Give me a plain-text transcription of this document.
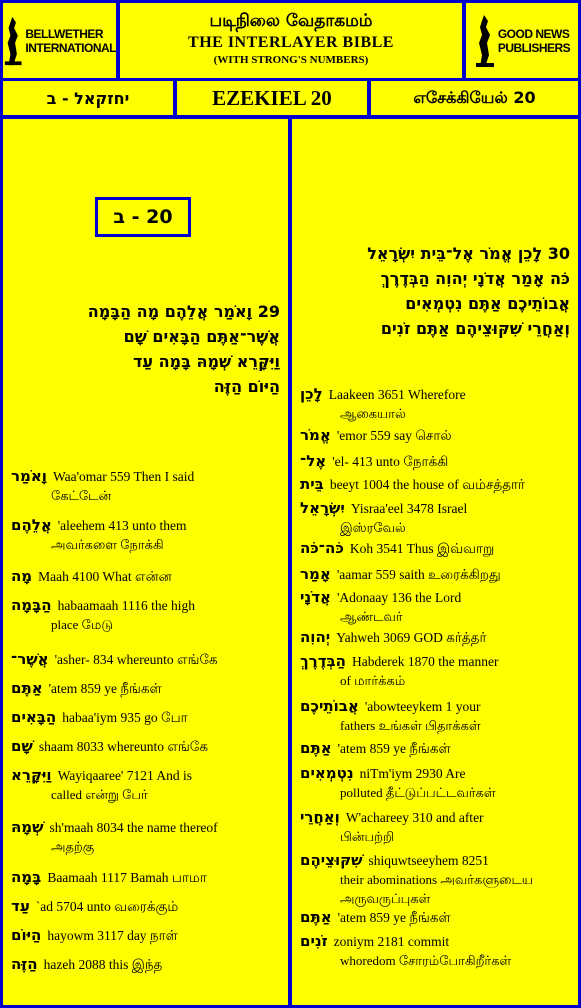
BELLWETHER
INTERNATIONAL
படிநிலை வேதாகமம்
THE INTERLAYER BIBLE
(WITH STRONG'S NUMBERS)
GOOD NEWS
PUBLISHERS
יחזקאל - ב	EZEKIEL 20	எசேக்கியேல் 20
20 - ב
29 וָאֹמַר אֲלֵהֶם מָה הַבָּמָה
אֲשֶׁר־אַתֶּם הַבָּאִים שָׁם
וַיִּקָּרֵא שְׁמָהּ בָּמָה עַד
הַיּוֹם הַזֶּה
וָאֹמַר Waa'omar 559 Then I said
கேட்டேன்
אֲלֵהֶם 'aleehem 413 unto them
அவர்களை நோக்கி
מָה Maah 4100 What என்ன
הַבָּמָה habaamaah 1116 the high
place மேடு
אֲשֶׁר־ 'asher- 834 whereunto எங்கே
אַתֶּם 'atem 859 ye நீங்கள்
הַבָּאִים habaa'iym 935 go போ
שָׁם shaam 8033 whereunto எங்கே
וַיִּקָּרֵא Wayiqaaree' 7121 And is
called என்று பேர்
שְׁמָהּ sh'maah 8034 the name thereof
அதற்கு
בָּמָה Baamaah 1117 Bamah பாமா
עַד `ad 5704 unto வரைக்கும்
הַיּוֹם hayowm 3117 day நாள்
הַזֶּה hazeh 2088 this இந்த
30 לָכֵן אֱמֹר אֶל־בֵּית יִשְׂרָאֵל
כֹּה אָמַר אֲדֹנָי יְהוִה הַבְּדֶרֶךְ
אֲבוֹתֵיכֶם אַתֶּם נִטְמְאִים
וְאַחֲרֵי שִׁקּוּצֵיהֶם אַתֶּם זֹנִים
לָכֵן Laakeen 3651 Wherefore
ஆகையால்
אֱמֹר 'emor 559 say சொல்
אֶל־ 'el- 413 unto நோக்கி
בֵּית beeyt 1004 the house of வம்சத்தார்
יִשְׂרָאֵל Yisraa'eel 3478 Israel
இஸ்ரவேல்
כֹּה־כֹּה Koh 3541 Thus இவ்வாறு
אָמַר 'aamar 559 saith உரைக்கிறது
אֲדֹנָי 'Adonaay 136 the Lord
ஆண்டவர்
יְהוִה Yahweh 3069 GOD கர்த்தர்
הַבְּדֶרֶךְ Habderek 1870 the manner
of மார்க்கம்
אֲבוֹתֵיכֶם 'abowteeykem 1 your
fathers உங்கள் பிதாக்கள்
אַתֶּם 'atem 859 ye நீங்கள்
נִטְמְאִים niTm'iym 2930 Are
polluted தீட்டுப்பட்டவர்கள்
וְאַחֲרֵי W'achareey 310 and after
பின்பற்றி
שִׁקּוּצֵיהֶם shiquwtseeyhem 8251
their abominations அவர்களுடைய அருவருப்புகள்
אַתֶּם 'atem 859 ye நீங்கள்
זֹנִים zoniym 2181 commit
whoredom சோரம்போகிறீர்கள்
